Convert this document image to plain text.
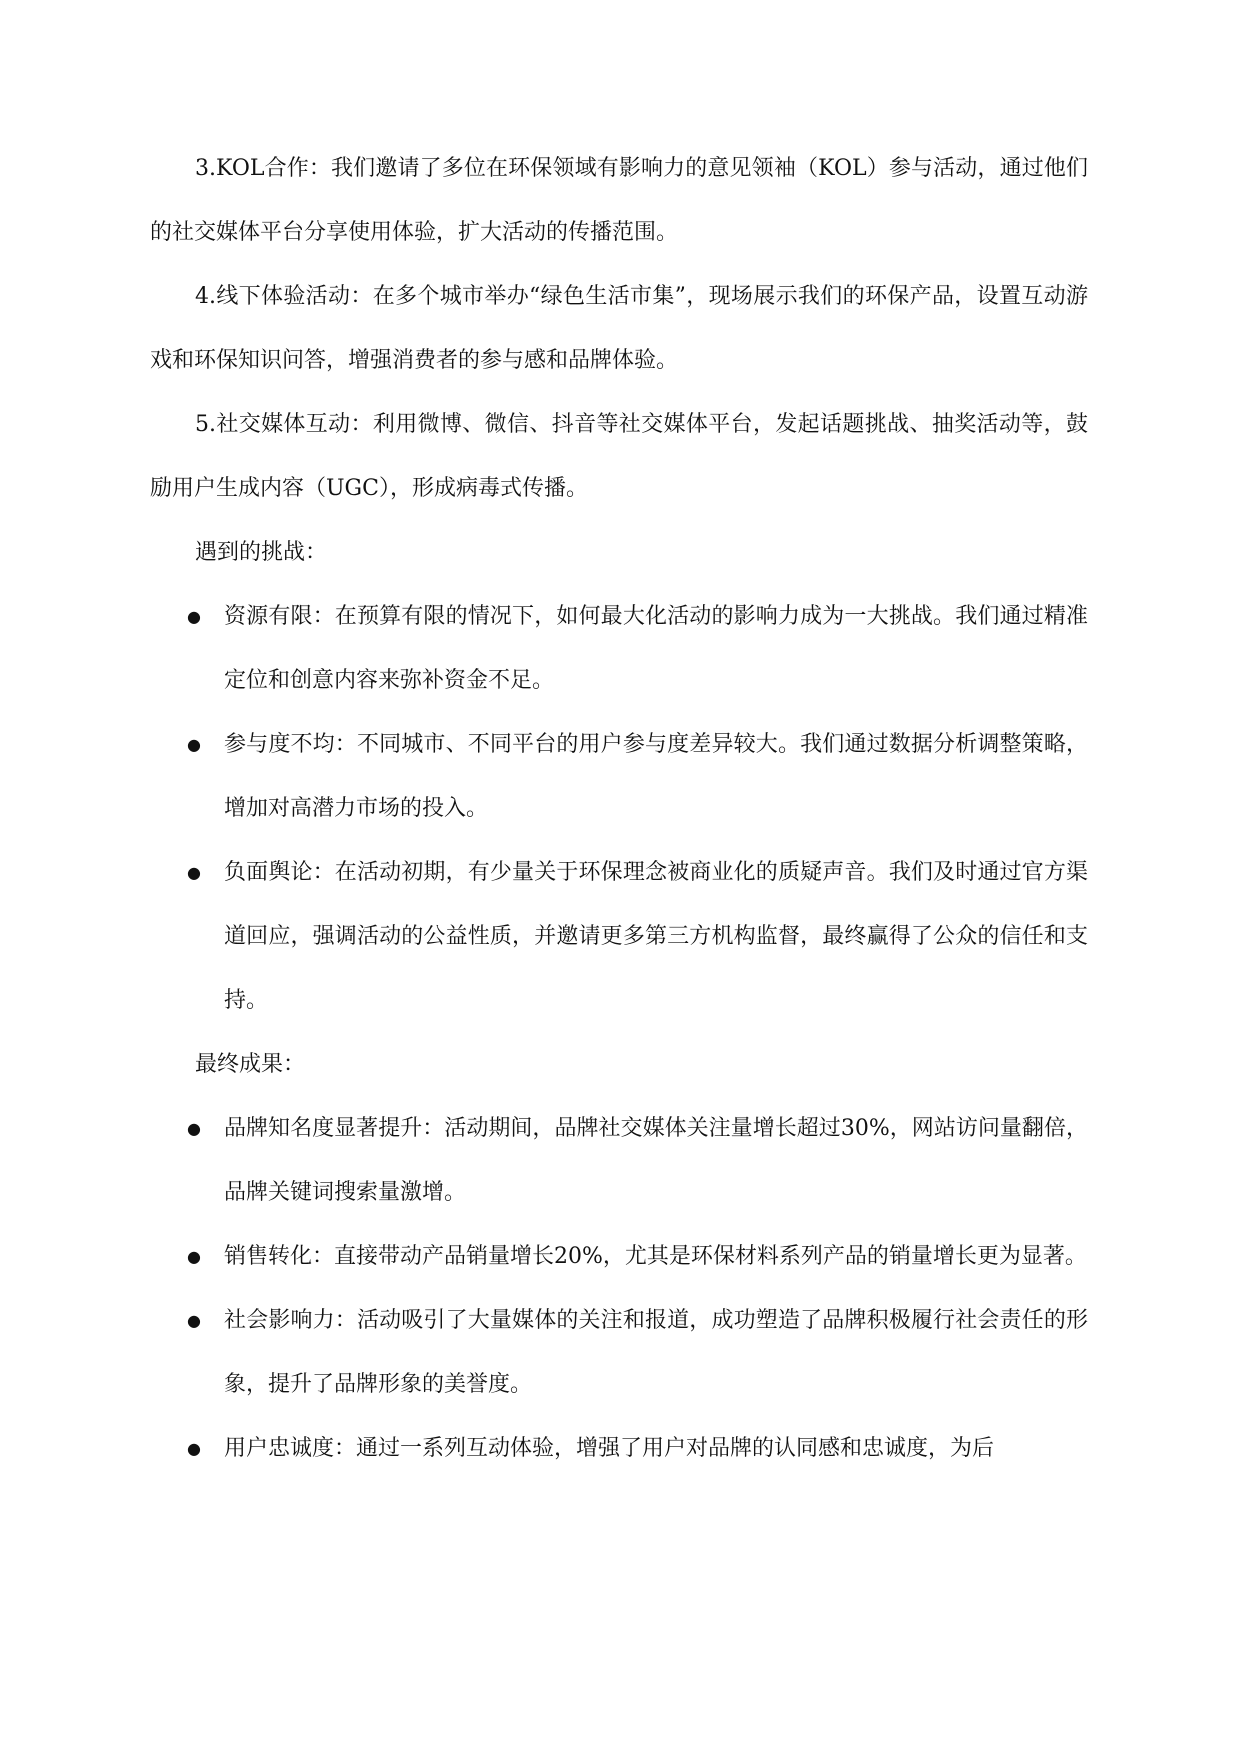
3.KOL合作：我们邀请了多位在环保领域有影响力的意见领袖（KOL）参与活动，通过他们的社交媒体平台分享使用体验，扩大活动的传播范围。

4.线下体验活动：在多个城市举办“绿色生活市集”，现场展示我们的环保产品，设置互动游戏和环保知识问答，增强消费者的参与感和品牌体验。

5.社交媒体互动：利用微博、微信、抖音等社交媒体平台，发起话题挑战、抽奖活动等，鼓励用户生成内容（UGC），形成病毒式传播。

遇到的挑战：

● 资源有限：在预算有限的情况下，如何最大化活动的影响力成为一大挑战。我们通过精准定位和创意内容来弥补资金不足。
● 参与度不均：不同城市、不同平台的用户参与度差异较大。我们通过数据分析调整策略，增加对高潜力市场的投入。
● 负面舆论：在活动初期，有少量关于环保理念被商业化的质疑声音。我们及时通过官方渠道回应，强调活动的公益性质，并邀请更多第三方机构监督，最终赢得了公众的信任和支持。

最终成果：

● 品牌知名度显著提升：活动期间，品牌社交媒体关注量增长超过30%，网站访问量翻倍，品牌关键词搜索量激增。
● 销售转化：直接带动产品销量增长20%，尤其是环保材料系列产品的销量增长更为显著。
● 社会影响力：活动吸引了大量媒体的关注和报道，成功塑造了品牌积极履行社会责任的形象，提升了品牌形象的美誉度。
● 用户忠诚度：通过一系列互动体验，增强了用户对品牌的认同感和忠诚度，为后
